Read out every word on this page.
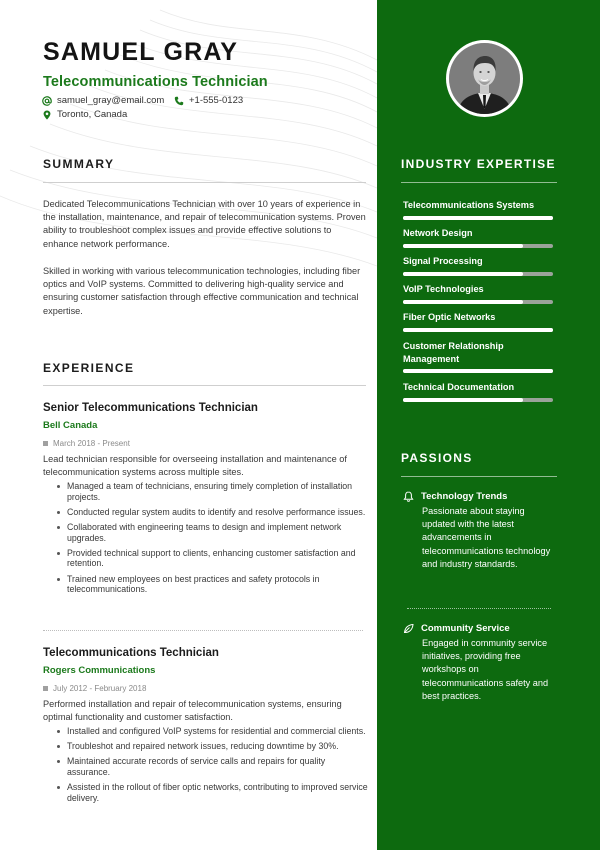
SAMUEL GRAY
Telecommunications Technician
samuel_gray@email.com	+1-555-0123
Toronto, Canada
SUMMARY
Dedicated Telecommunications Technician with over 10 years of experience in the installation, maintenance, and repair of telecommunication systems. Proven ability to troubleshoot complex issues and provide effective solutions to enhance network performance.
Skilled in working with various telecommunication technologies, including fiber optics and VoIP systems. Committed to delivering high-quality service and ensuring customer satisfaction through effective communication and technical expertise.
EXPERIENCE
Senior Telecommunications Technician
Bell Canada
March 2018 - Present
Lead technician responsible for overseeing installation and maintenance of telecommunication systems across multiple sites.
Managed a team of technicians, ensuring timely completion of installation projects.
Conducted regular system audits to identify and resolve performance issues.
Collaborated with engineering teams to design and implement network upgrades.
Provided technical support to clients, enhancing customer satisfaction and retention.
Trained new employees on best practices and safety protocols in telecommunications.
Telecommunications Technician
Rogers Communications
July 2012 - February 2018
Performed installation and repair of telecommunication systems, ensuring optimal functionality and customer satisfaction.
Installed and configured VoIP systems for residential and commercial clients.
Troubleshot and repaired network issues, reducing downtime by 30%.
Maintained accurate records of service calls and repairs for quality assurance.
Assisted in the rollout of fiber optic networks, contributing to improved service delivery.
INDUSTRY EXPERTISE
Telecommunications Systems
Network Design
Signal Processing
VoIP Technologies
Fiber Optic Networks
Customer Relationship Management
Technical Documentation
PASSIONS
Technology Trends
Passionate about staying updated with the latest advancements in telecommunications technology and industry standards.
Community Service
Engaged in community service initiatives, providing free workshops on telecommunications safety and best practices.
